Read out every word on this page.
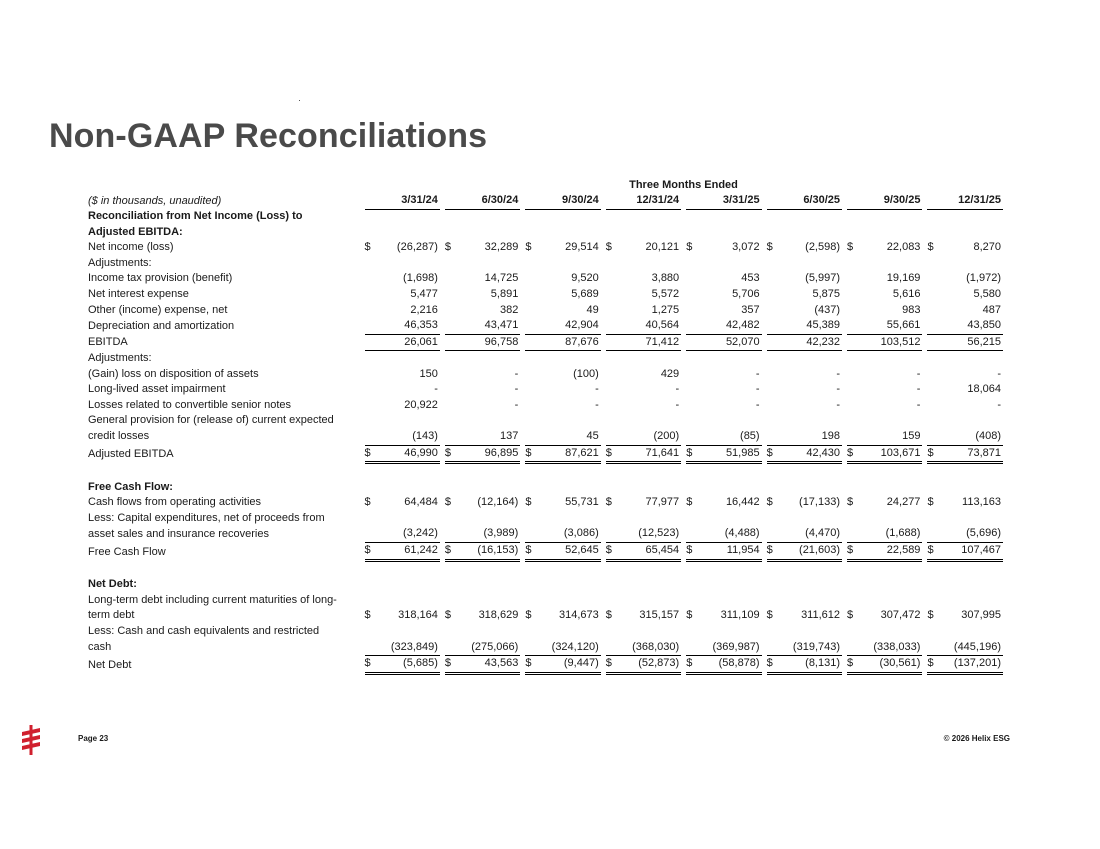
Non-GAAP Reconciliations
Three Months Ended
($ in thousands, unaudited)	3/31/24		6/30/24		9/30/24		12/31/24		3/31/25		6/30/25		9/30/25		12/31/25
Reconciliation from Net Income (Loss) to															
Adjusted EBITDA:															
Net income (loss)	$ (26,287)		$ 32,289		$ 29,514		$ 20,121		$ 3,072		$ (2,598)		$ 22,083		$ 8,270
Adjustments:															
Income tax provision (benefit)	(1,698)		14,725		9,520		3,880		453		(5,997)		19,169		(1,972)
Net interest expense	5,477		5,891		5,689		5,572		5,706		5,875		5,616		5,580
Other (income) expense, net	2,216		382		49		1,275		357		(437)		983		487
Depreciation and amortization	46,353		43,471		42,904		40,564		42,482		45,389		55,661		43,850
EBITDA	26,061		96,758		87,676		71,412		52,070		42,232		103,512		56,215
Adjustments:															
(Gain) loss on disposition of assets	150		-		(100)		429		-		-		-		-
Long-lived asset impairment	-		-		-		-		-		-		-		18,064
Losses related to convertible senior notes	20,922		-		-		-		-		-		-		-
General provision for (release of) current expected															
credit losses	(143)		137		45		(200)		(85)		198		159		(408)
Adjusted EBITDA	$ 46,990		$ 96,895		$ 87,621		$ 71,641		$ 51,985		$ 42,430		$ 103,671		$ 73,871

Free Cash Flow:															
Cash flows from operating activities	$ 64,484		$ (12,164)		$ 55,731		$ 77,977		$ 16,442		$ (17,133)		$ 24,277		$ 113,163
Less: Capital expenditures, net of proceeds from															
asset sales and insurance recoveries	(3,242)		(3,989)		(3,086)		(12,523)		(4,488)		(4,470)		(1,688)		(5,696)
Free Cash Flow	$ 61,242		$ (16,153)		$ 52,645		$ 65,454		$ 11,954		$ (21,603)		$ 22,589		$ 107,467

Net Debt:															
Long-term debt including current maturities of long-															
term debt	$ 318,164		$ 318,629		$ 314,673		$ 315,157		$ 311,109		$ 311,612		$ 307,472		$ 307,995
Less: Cash and cash equivalents and restricted															
cash	(323,849)		(275,066)		(324,120)		(368,030)		(369,987)		(319,743)		(338,033)		(445,196)
Net Debt	$ (5,685)		$ 43,563		$ (9,447)		$ (52,873)		$ (58,878)		$ (8,131)		$ (30,561)		$ (137,201)
Page 23	© 2026 Helix ESG
